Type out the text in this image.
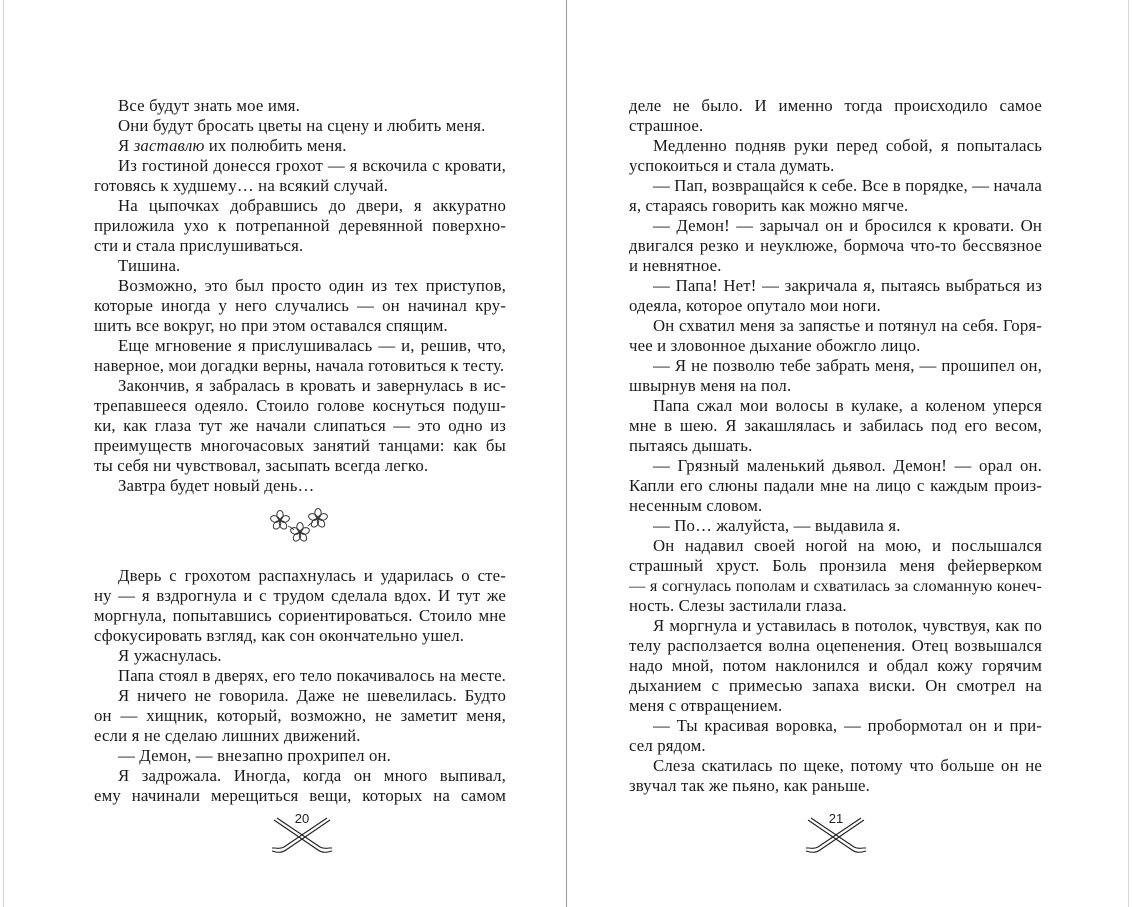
Все будут знать мое имя.
Они будут бросать цветы на сцену и любить меня.
Я заставлю их полюбить меня.
Из гостиной донесся грохот — я вскочила с кровати,
готовясь к худшему… на всякий случай.
На цыпочках добравшись до двери, я аккуратно
приложила ухо к потрепанной деревянной поверхно-
сти и стала прислушиваться.
Тишина.
Возможно, это был просто один из тех приступов,
которые иногда у него случались — он начинал кру-
шить все вокруг, но при этом оставался спящим.
Еще мгновение я прислушивалась — и, решив, что,
наверное, мои догадки верны, начала готовиться к тесту.
Закончив, я забралась в кровать и завернулась в ис-
трепавшееся одеяло. Стоило голове коснуться подуш-
ки, как глаза тут же начали слипаться — это одно из
преимуществ многочасовых занятий танцами: как бы
ты себя ни чувствовал, засыпать всегда легко.
Завтра будет новый день…
Дверь с грохотом распахнулась и ударилась о сте-
ну — я вздрогнула и с трудом сделала вдох. И тут же
моргнула, попытавшись сориентироваться. Стоило мне
сфокусировать взгляд, как сон окончательно ушел.
Я ужаснулась.
Папа стоял в дверях, его тело покачивалось на месте.
Я ничего не говорила. Даже не шевелилась. Будто
он — хищник, который, возможно, не заметит меня,
если я не сделаю лишних движений.
— Демон, — внезапно прохрипел он.
Я задрожала. Иногда, когда он много выпивал,
ему начинали мерещиться вещи, которых на самом
20
деле не было. И именно тогда происходило самое
страшное.
Медленно подняв руки перед собой, я попыталась
успокоиться и стала думать.
— Пап, возвращайся к себе. Все в порядке, — начала
я, стараясь говорить как можно мягче.
— Демон! — зарычал он и бросился к кровати. Он
двигался резко и неуклюже, бормоча что-то бессвязное
и невнятное.
— Папа! Нет! — закричала я, пытаясь выбраться из
одеяла, которое опутало мои ноги.
Он схватил меня за запястье и потянул на себя. Горя-
чее и зловонное дыхание обожгло лицо.
— Я не позволю тебе забрать меня, — прошипел он,
швырнув меня на пол.
Папа сжал мои волосы в кулаке, а коленом уперся
мне в шею. Я закашлялась и забилась под его весом,
пытаясь дышать.
— Грязный маленький дьявол. Демон! — орал он.
Капли его слюны падали мне на лицо с каждым произ-
несенным словом.
— По… жалуйста, — выдавила я.
Он надавил своей ногой на мою, и послышался
страшный хруст. Боль пронзила меня фейерверком
— я согнулась пополам и схватилась за сломанную конеч-
ность. Слезы застилали глаза.
Я моргнула и уставилась в потолок, чувствуя, как по
телу расползается волна оцепенения. Отец возвышался
надо мной, потом наклонился и обдал кожу горячим
дыханием с примесью запаха виски. Он смотрел на
меня с отвращением.
— Ты красивая воровка, — пробормотал он и при-
сел рядом.
Слеза скатилась по щеке, потому что больше он не
звучал так же пьяно, как раньше.
21
